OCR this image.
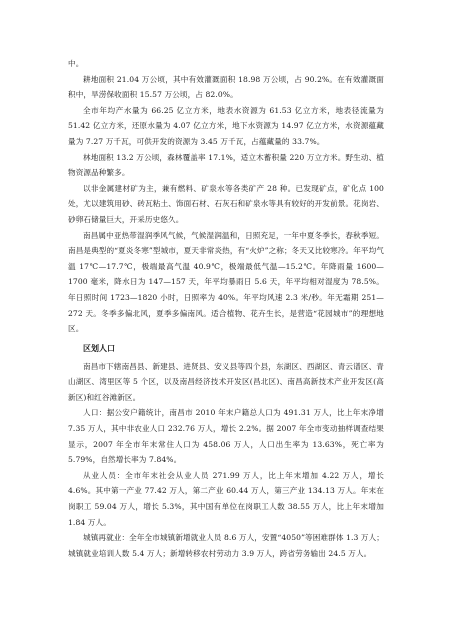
中。

耕地面积 21.04 万公顷，其中有效灌溉面积 18.98 万公顷，占 90.2%。在有效灌溉面积中，旱涝保收面积 15.57 万公顷，占 82.0%。

全市年均产水量为 66.25 亿立方米，地表水资源为 61.53 亿立方米，地表径流量为 51.42 亿立方米，还原水量为 4.07 亿立方米，地下水资源为 14.97 亿立方米，水资源蕴藏量为 7.27 万千瓦，可供开发的资源为 3.45 万千瓦，占蕴藏量的 33.7%。

林地面积 13.2 万公顷，森林覆盖率 17.1%，适立木蓄积量 220 万立方米。野生动、植物资源品种繁多。

以非金属建材矿为主，兼有燃料、矿泉水等各类矿产 28 种。已发现矿点，矿化点 100 处，尤以建筑用砂、砖瓦粘土、饰面石材、石灰石和矿泉水等具有较好的开发前景。花岗岩、砂卵石储量巨大，开采历史悠久。

南昌属中亚热带湿润季风气候，气候湿润温和，日照充足，一年中夏冬季长，春秋季短。南昌是典型的“夏炎冬寒”型城市，夏天非常炎热，有“火炉”之称；冬天又比较寒冷。年平均气温 17℃—17.7℃，极端最高气温 40.9℃，极端最低气温—15.2℃。年降雨量 1600—1700 毫米，降水日为 147—157 天，年平均暴雨日 5.6 天，年平均相对湿度为 78.5%。年日照时间 1723—1820 小时，日照率为 40%。年平均风速 2.3 米/秒。年无霜期 251—272 天。冬季多偏北风，夏季多偏南风。适合植物、花卉生长，是营造“花园城市”的理想地区。

区划人口

南昌市下辖南昌县、新建县、进贤县、安义县等四个县，东湖区、西湖区、青云谱区、青山湖区、湾里区等 5 个区，以及南昌经济技术开发区(昌北区)、南昌高新技术产业开发区(高新区)和红谷滩新区。

人口：据公安户籍统计，南昌市 2010 年末户籍总人口为 491.31 万人，比上年末净增 7.35 万人，其中非农业人口 232.76 万人，增长 2.2%。据 2007 年全市变动抽样调查结果显示，2007 年全市年末常住人口为 458.06 万人，人口出生率为 13.63%，死亡率为 5.79%，自然增长率为 7.84%。

从业人员：全市年末社会从业人员 271.99 万人，比上年末增加 4.22 万人，增长 4.6%。其中第一产业 77.42 万人，第二产业 60.44 万人，第三产业 134.13 万人。年末在岗职工 59.04 万人，增长 5.3%，其中国有单位在岗职工人数 38.55 万人，比上年末增加 1.84 万人。

城镇再就业：全年全市城镇新增就业人员 8.6 万人，安置“4050”等困难群体 1.3 万人；城镇就业培训人数 5.4 万人；新增转移农村劳动力 3.9 万人，跨省劳务输出 24.5 万人。
